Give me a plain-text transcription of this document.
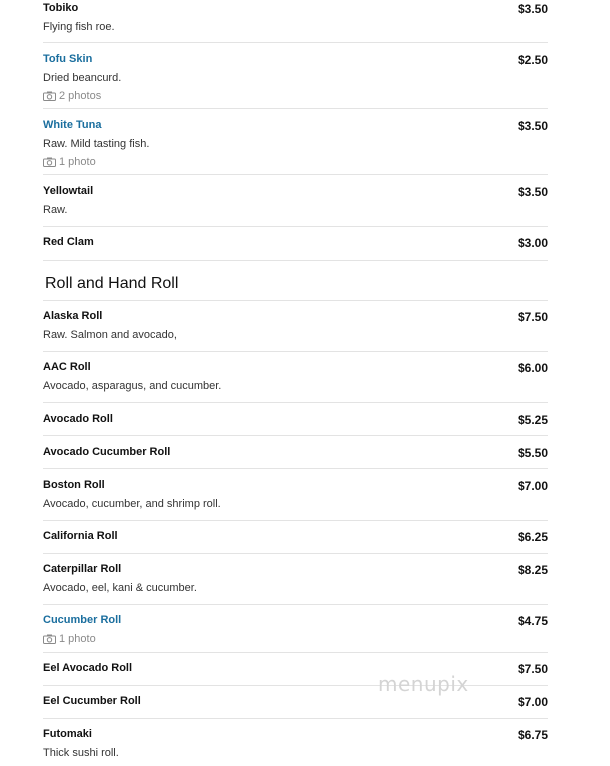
Tobiko	$3.50
Flying fish roe.
Tofu Skin	$2.50
Dried beancurd.
2 photos
White Tuna	$3.50
Raw. Mild tasting fish.
1 photo
Yellowtail	$3.50
Raw.
Red Clam	$3.00
Roll and Hand Roll
Alaska Roll	$7.50
Raw. Salmon and avocado,
AAC Roll	$6.00
Avocado, asparagus, and cucumber.
Avocado Roll	$5.25
Avocado Cucumber Roll	$5.50
Boston Roll	$7.00
Avocado, cucumber, and shrimp roll.
California Roll	$6.25
Caterpillar Roll	$8.25
Avocado, eel, kani & cucumber.
Cucumber Roll	$4.75
1 photo
Eel Avocado Roll	$7.50
Eel Cucumber Roll	$7.00
Futomaki	$6.75
Thick sushi roll.
menupix
